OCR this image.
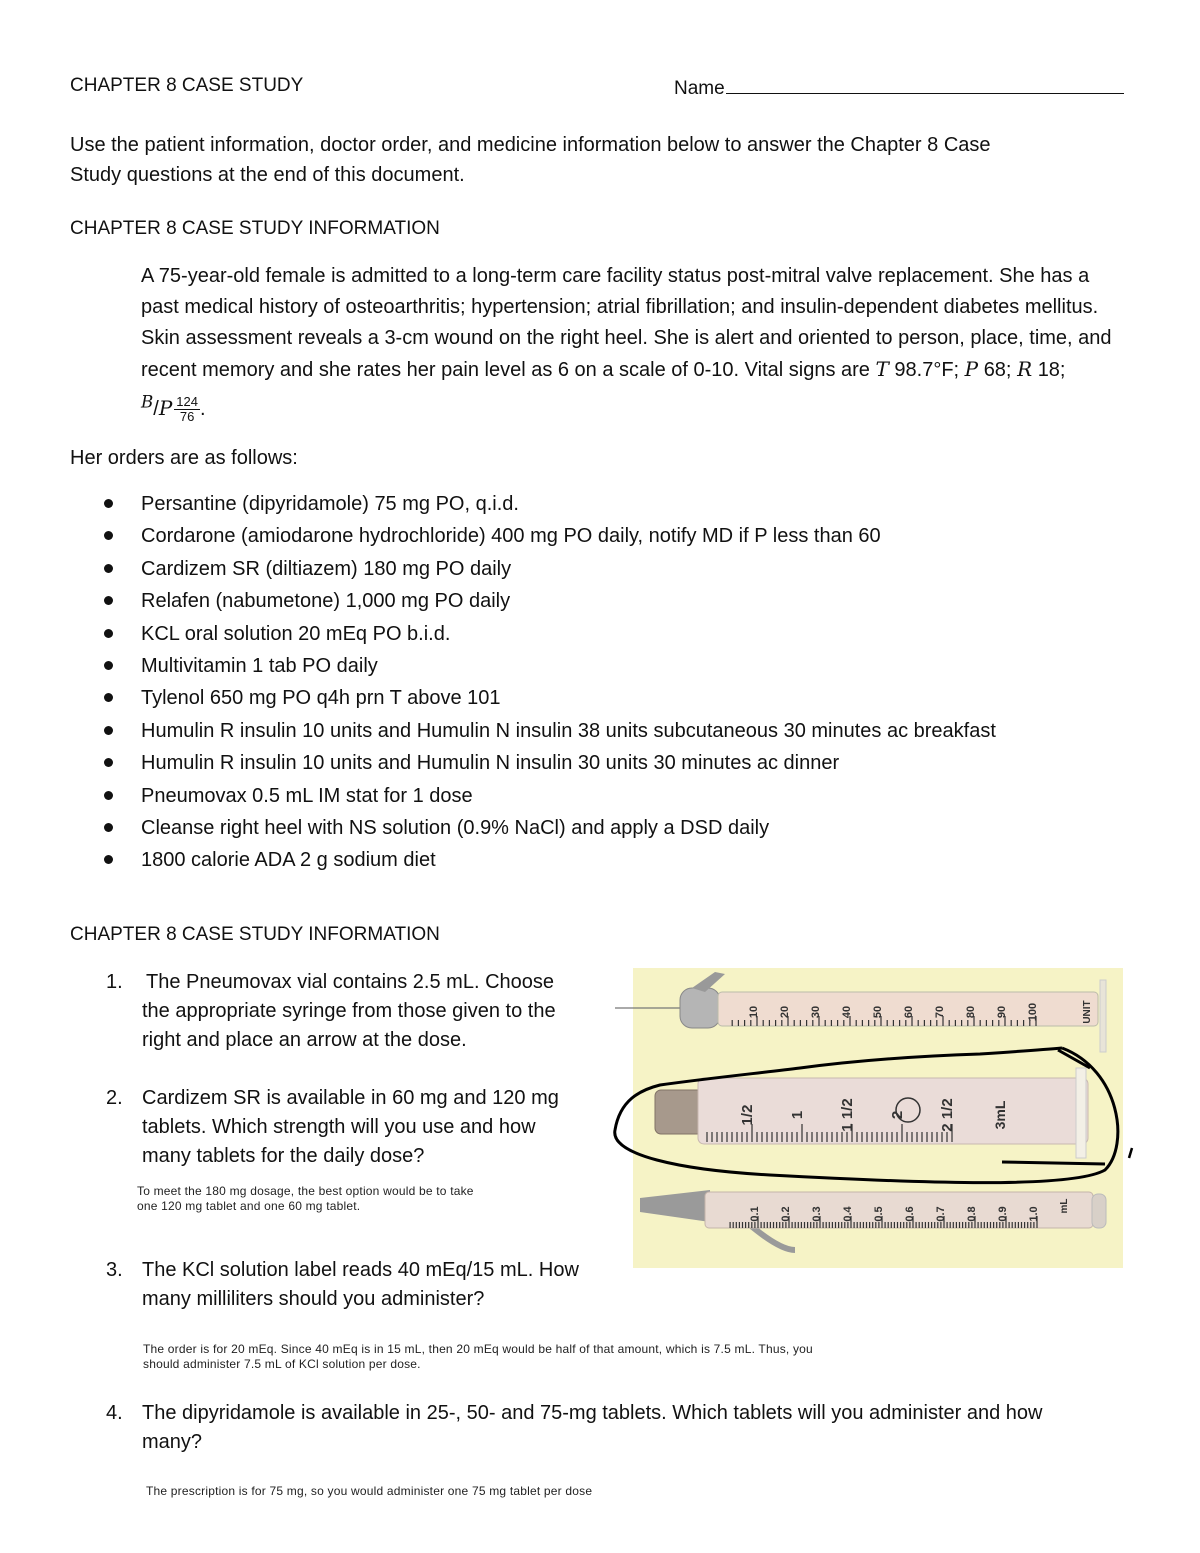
CHAPTER 8 CASE STUDY	Name
Use the patient information, doctor order, and medicine information below to answer the Chapter 8 Case
Study questions at the end of this document.
CHAPTER 8 CASE STUDY INFORMATION
A 75-year-old female is admitted to a long-term care facility status post-mitral valve replacement. She has a past medical history of osteoarthritis; hypertension; atrial fibrillation; and insulin-dependent diabetes mellitus. Skin assessment reveals a 3-cm wound on the right heel. She is alert and oriented to person, place, time, and recent memory and she rates her pain level as 6 on a scale of 0-10. Vital signs are T 98.7°F; P 68; R 18; $^B/P \frac{124}{76}$ .
Her orders are as follows:
Persantine (dipyridamole) 75 mg PO, q.i.d.
Cordarone (amiodarone hydrochloride) 400 mg PO daily, notify MD if P less than 60
Cardizem SR (diltiazem) 180 mg PO daily
Relafen (nabumetone) 1,000 mg PO daily
KCL oral solution 20 mEq PO b.i.d.
Multivitamin 1 tab PO daily
Tylenol 650 mg PO q4h prn T above 101
Humulin R insulin 10 units and Humulin N insulin 38 units subcutaneous 30 minutes ac breakfast
Humulin R insulin 10 units and Humulin N insulin 30 units 30 minutes ac dinner
Pneumovax 0.5 mL IM stat for 1 dose
Cleanse right heel with NS solution (0.9% NaCl) and apply a DSD daily
1800 calorie ADA 2 g sodium diet
CHAPTER 8 CASE STUDY INFORMATION
1. The Pneumovax vial contains 2.5 mL. Choose
the appropriate syringe from those given to the
right and place an arrow at the dose.
2. Cardizem SR is available in 60 mg and 120 mg
tablets. Which strength will you use and how
many tablets for the daily dose?
To meet the 180 mg dosage, the best option would be to take
one 120 mg tablet and one 60 mg tablet.
3. The KCl solution label reads 40 mEq/15 mL. How
many milliliters should you administer?
The order is for 20 mEq. Since 40 mEq is in 15 mL, then 20 mEq would be half of that amount, which is 7.5 mL. Thus, you
should administer 7.5 mL of KCl solution per dose.
4. The dipyridamole is available in 25-, 50- and 75-mg tablets. Which tablets will you administer and how
many?
The prescription is for 75 mg, so you would administer one 75 mg tablet per dose
10 20 30 40 50 60 70 80 90 100	UNIT
1/2 1 1 1/2 2 2 1/2	3mL
0.1 0.2 0.3 0.4 0.5 0.6 0.7 0.8 0.9 1.0
mL
